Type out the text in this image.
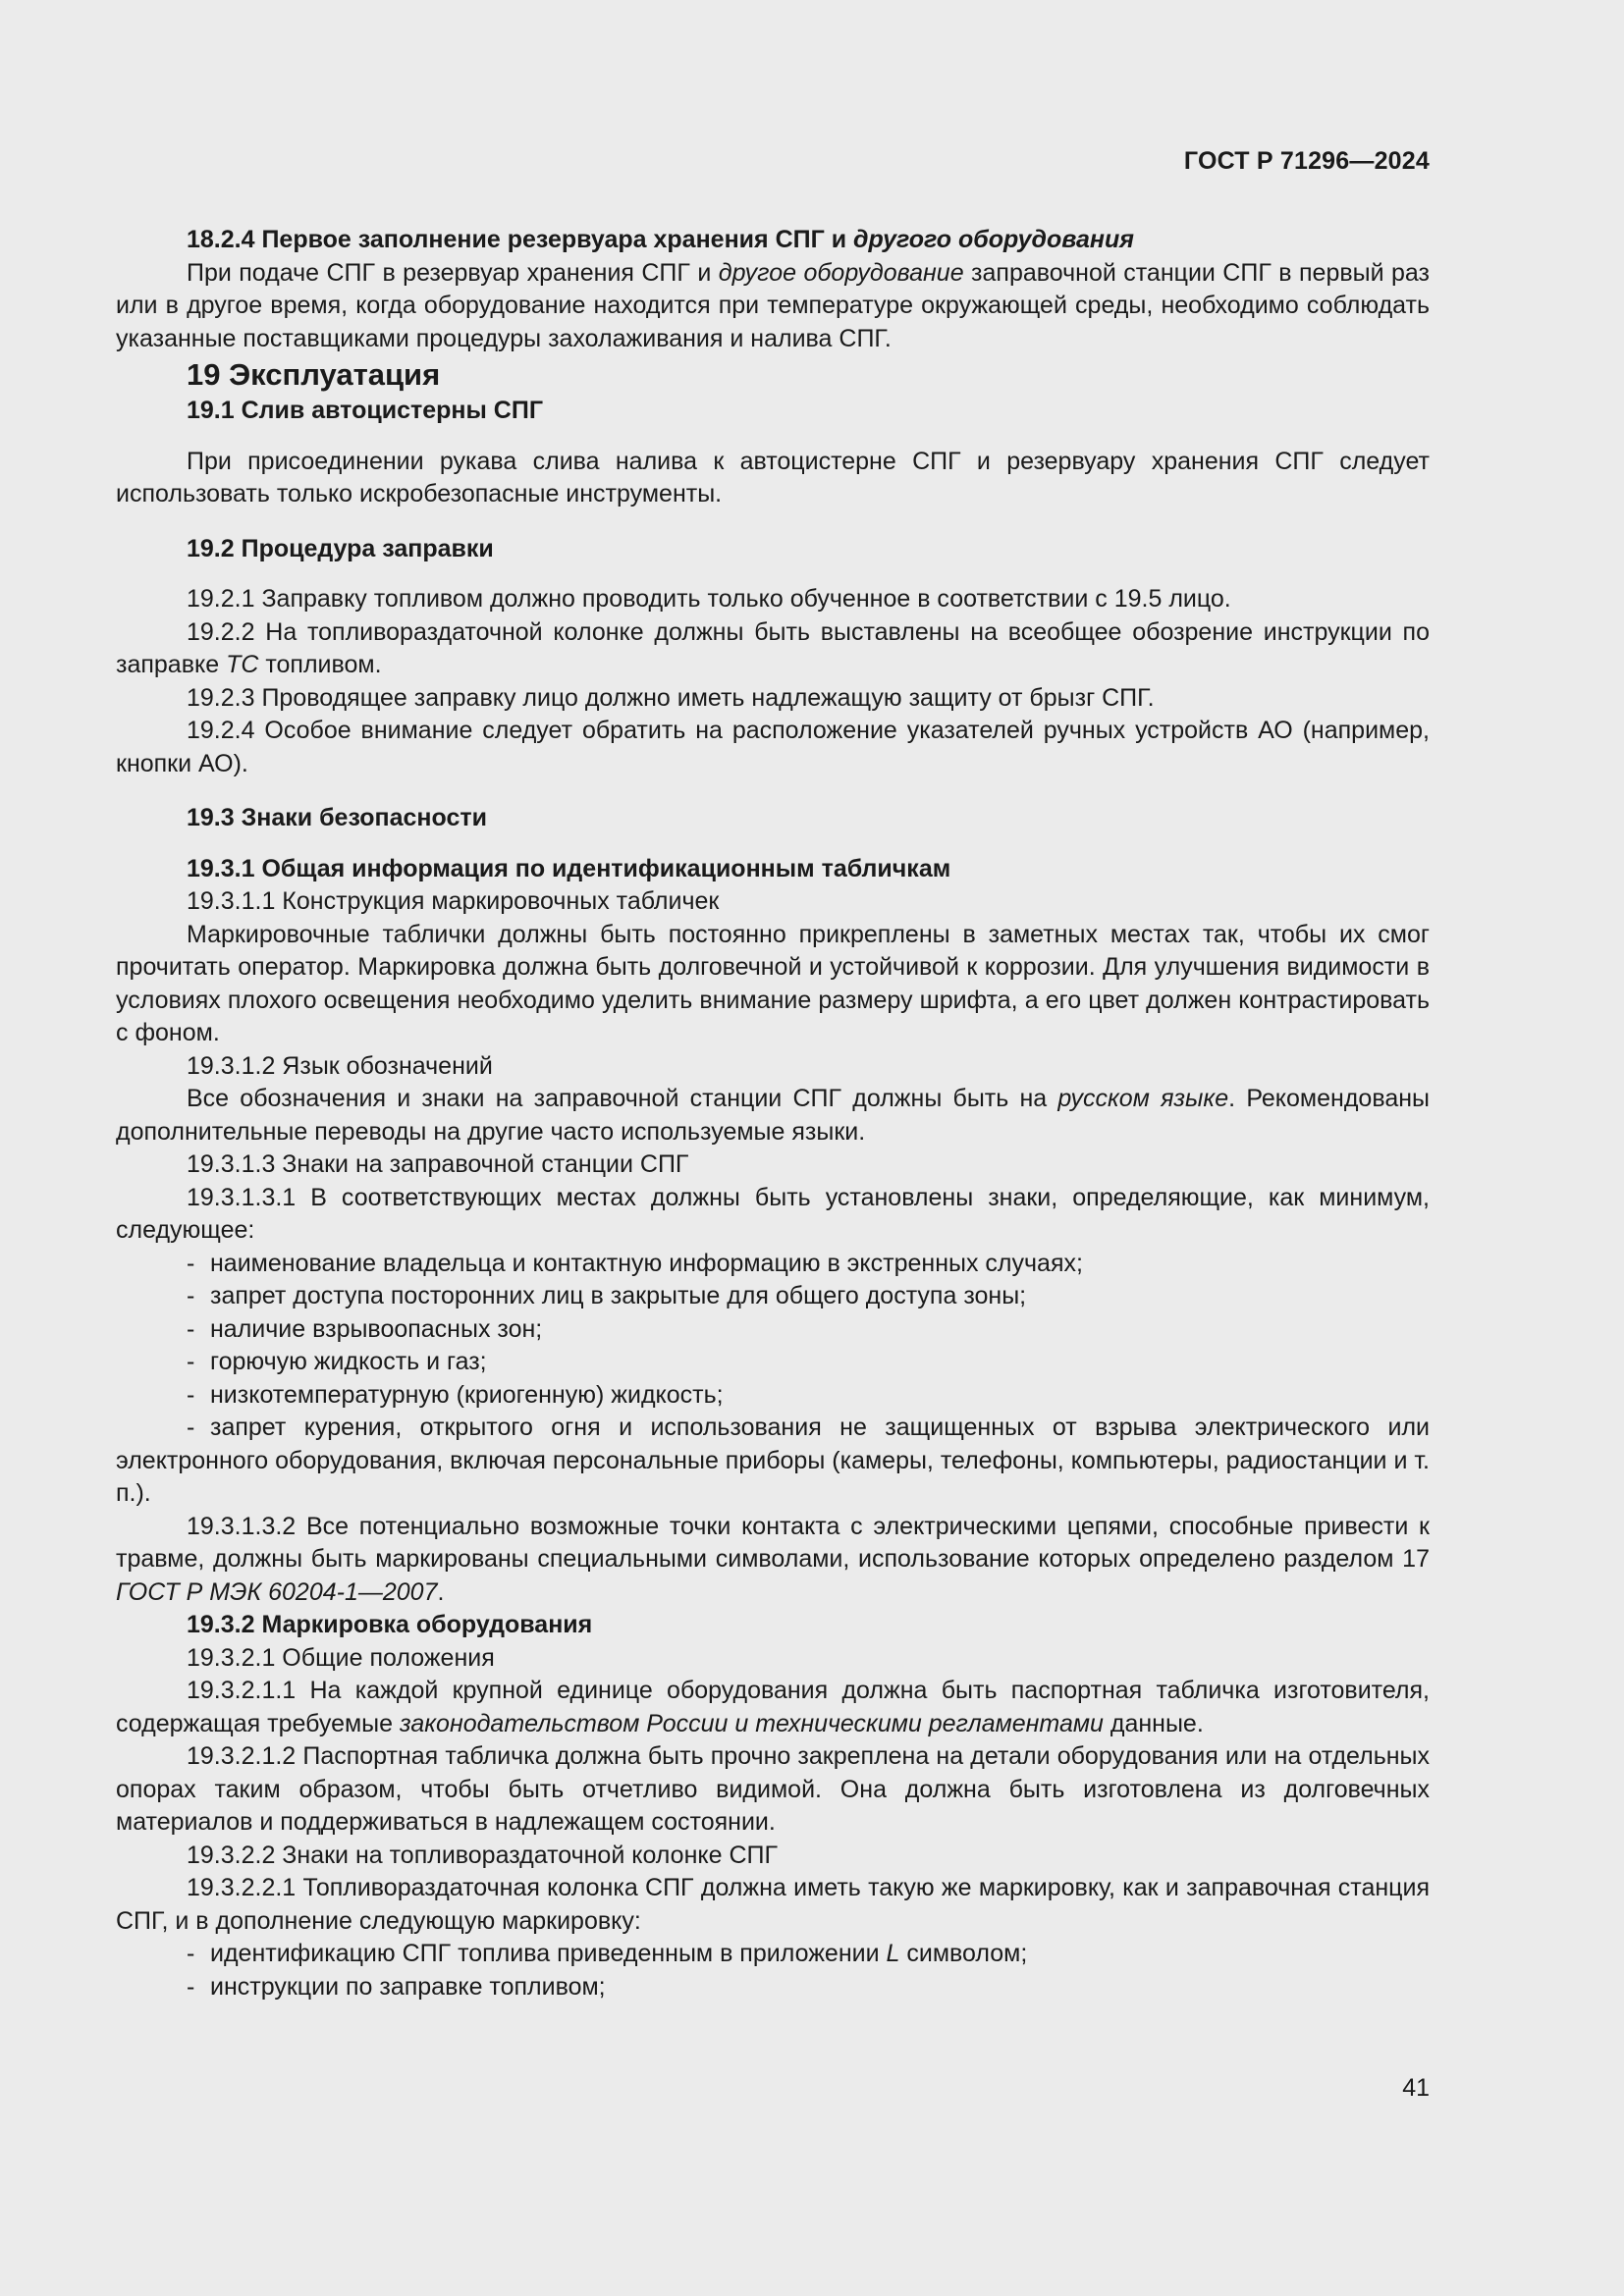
ГОСТ Р 71296—2024

18.2.4 Первое заполнение резервуара хранения СПГ и другого оборудования

При подаче СПГ в резервуар хранения СПГ и другое оборудование заправочной станции СПГ в первый раз или в другое время, когда оборудование находится при температуре окружающей среды, необходимо соблюдать указанные поставщиками процедуры захолаживания и налива СПГ.

19 Эксплуатация

19.1 Слив автоцистерны СПГ

При присоединении рукава слива налива к автоцистерне СПГ и резервуару хранения СПГ следует использовать только искробезопасные инструменты.

19.2 Процедура заправки

19.2.1 Заправку топливом должно проводить только обученное в соответствии с 19.5 лицо.

19.2.2 На топливораздаточной колонке должны быть выставлены на всеобщее обозрение инструкции по заправке ТС топливом.

19.2.3 Проводящее заправку лицо должно иметь надлежащую защиту от брызг СПГ.

19.2.4 Особое внимание следует обратить на расположение указателей ручных устройств АО (например, кнопки АО).

19.3 Знаки безопасности

19.3.1 Общая информация по идентификационным табличкам

19.3.1.1 Конструкция маркировочных табличек

Маркировочные таблички должны быть постоянно прикреплены в заметных местах так, чтобы их смог прочитать оператор. Маркировка должна быть долговечной и устойчивой к коррозии. Для улучшения видимости в условиях плохого освещения необходимо уделить внимание размеру шрифта, а его цвет должен контрастировать с фоном.

19.3.1.2 Язык обозначений

Все обозначения и знаки на заправочной станции СПГ должны быть на русском языке. Рекомендованы дополнительные переводы на другие часто используемые языки.

19.3.1.3 Знаки на заправочной станции СПГ

19.3.1.3.1 В соответствующих местах должны быть установлены знаки, определяющие, как минимум, следующее:

- наименование владельца и контактную информацию в экстренных случаях;

- запрет доступа посторонних лиц в закрытые для общего доступа зоны;

- наличие взрывоопасных зон;

- горючую жидкость и газ;

- низкотемпературную (криогенную) жидкость;

- запрет курения, открытого огня и использования не защищенных от взрыва электрического или электронного оборудования, включая персональные приборы (камеры, телефоны, компьютеры, радиостанции и т. п.).

19.3.1.3.2 Все потенциально возможные точки контакта с электрическими цепями, способные привести к травме, должны быть маркированы специальными символами, использование которых определено разделом 17 ГОСТ Р МЭК 60204-1—2007.

19.3.2 Маркировка оборудования

19.3.2.1 Общие положения

19.3.2.1.1 На каждой крупной единице оборудования должна быть паспортная табличка изготовителя, содержащая требуемые законодательством России и техническими регламентами данные.

19.3.2.1.2 Паспортная табличка должна быть прочно закреплена на детали оборудования или на отдельных опорах таким образом, чтобы быть отчетливо видимой. Она должна быть изготовлена из долговечных материалов и поддерживаться в надлежащем состоянии.

19.3.2.2 Знаки на топливораздаточной колонке СПГ

19.3.2.2.1 Топливораздаточная колонка СПГ должна иметь такую же маркировку, как и заправочная станция СПГ, и в дополнение следующую маркировку:

- идентификацию СПГ топлива приведенным в приложении L символом;

- инструкции по заправке топливом;

41
